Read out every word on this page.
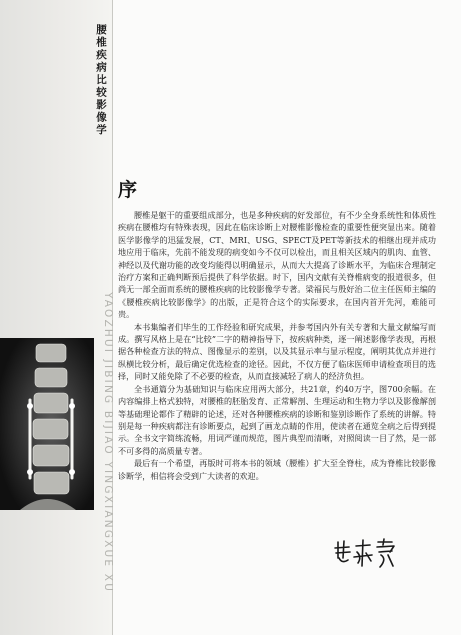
腰椎疾病比较影像学
YAOZHUI JIBING BIJIAO YINGXIANGXUE XU
序

腰椎是躯干的重要组成部分，也是多种疾病的好发部位，有不少全身系统性和体质性疾病在腰椎均有特殊表现，因此在临床诊断上对腰椎影像检查的重要性便突显出来。随着医学影像学的迅猛发展，CT、MRI、USG、SPECT及PET等新技术的相继出现并成功地应用于临床，先前不能发现的病变如今不仅可以检出，而且相关区域内的肌肉、血管、神经以及代谢功能的改变均能得以明确显示，从而大大提高了诊断水平，为临床合理制定治疗方案和正确判断预后提供了科学依据。时下，国内文献有关脊椎病变的报道很多，但尚无一部全面而系统的腰椎疾病的比较影像学专著。梁福民与殷好治二位主任医师主编的《腰椎疾病比较影像学》的出版，正是符合这个的实际要求，在国内首开先河，难能可贵。

本书集编者们毕生的工作经验和研究成果，并参考国内外有关专著和大量文献编写而成。撰写风格上是在“比较”二字的精神指导下，按疾病种类，逐一阐述影像学表现，再根据各种检查方法的特点、图像显示的差别，以及其显示率与显示程度，阐明其优点并进行纵横比较分析，最后确定优选检查的途径。因此，不仅方便了临床医师申请检查项目的选择，同时又能免除了不必要的检查，从而直接减轻了病人的经济负担。

全书通篇分为基础知识与临床应用两大部分，共21章，约40万字，图700余幅。在内容编排上格式独特，对腰椎的胚胎发育、正常解剖、生理运动和生物力学以及影像解剖等基础理论都作了精辟的论述，还对各种腰椎疾病的诊断和鉴别诊断作了系统的讲解。特别是每一种疾病都注有诊断要点，起到了画龙点睛的作用，使读者在通览全病之后得到提示。全书文字简练流畅，用词严谨而规范，图片典型而清晰，对照阅读一目了然，是一部不可多得的高质量专著。

最后有一个希望，再版时可将本书的领域（腰椎）扩大至全脊柱，成为脊椎比较影像诊断学，相信将会受到广大读者的欢迎。
